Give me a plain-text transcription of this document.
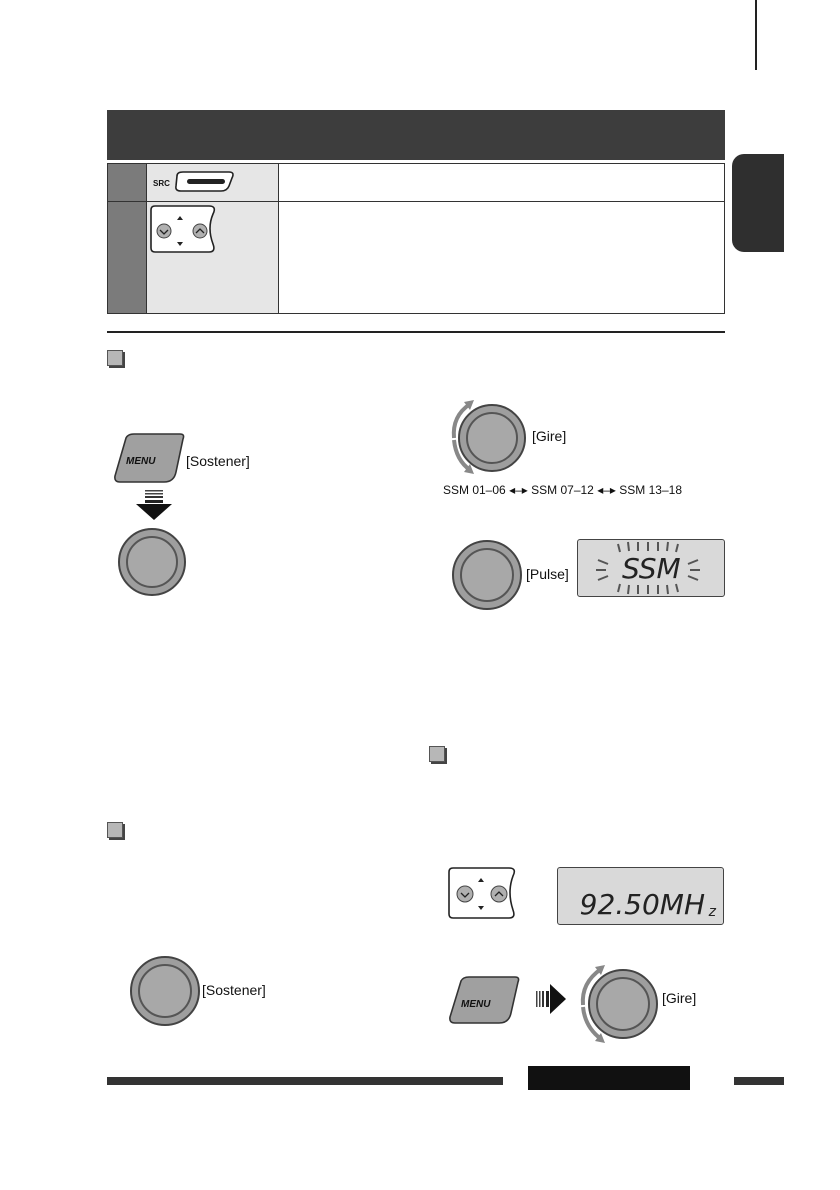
SRC
MENU [Sostener]
[Sostener]
[Gire]
SSM 01–06 ◂‒▸ SSM 07–12 ◂‒▸ SSM 13–18
[Pulse] SSM
92.50MH z
MENU	[Gire]
